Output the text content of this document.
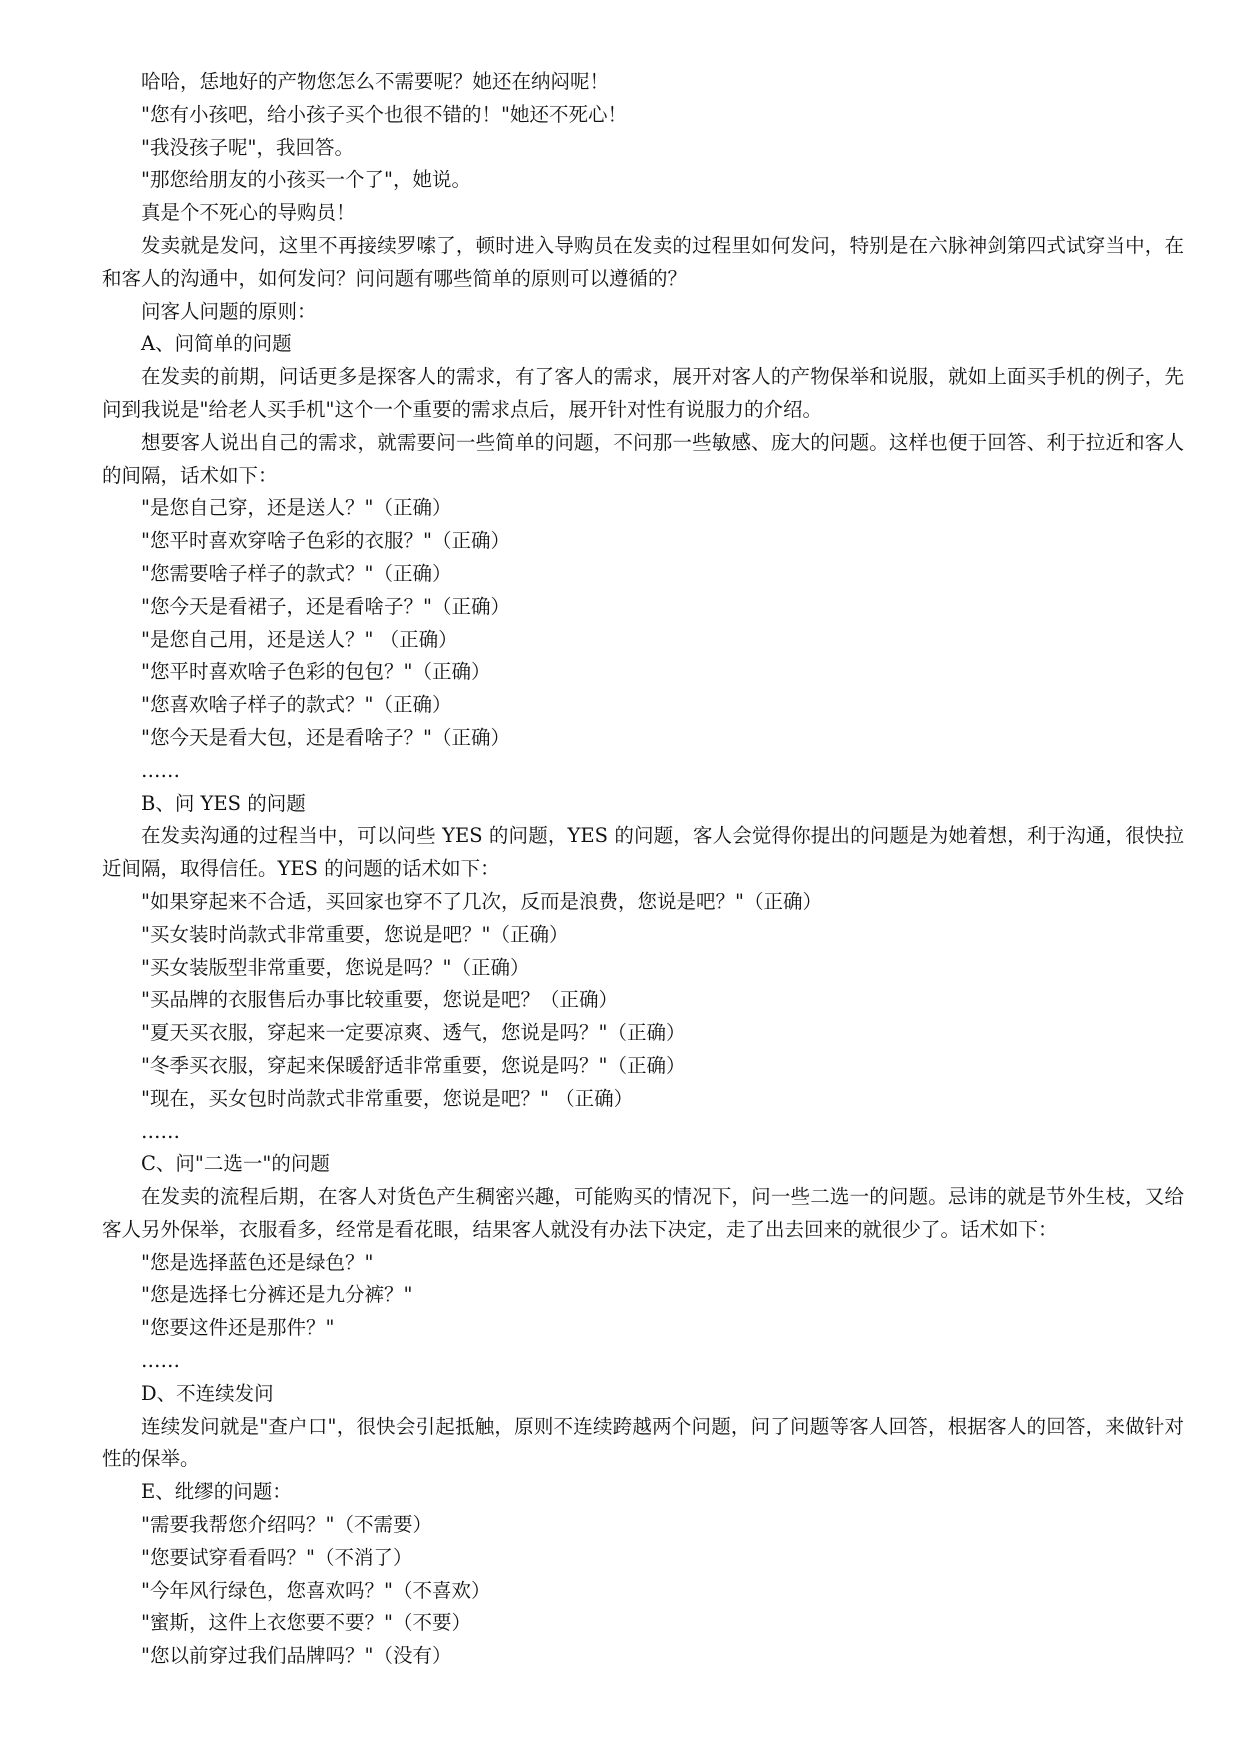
哈哈，恁地好的产物您怎么不需要呢？她还在纳闷呢！

"您有小孩吧，给小孩子买个也很不错的！"她还不死心！

"我没孩子呢"，我回答。

"那您给朋友的小孩买一个了"，她说。

真是个不死心的导购员！

发卖就是发问，这里不再接续罗嗦了，顿时进入导购员在发卖的过程里如何发问，特别是在六脉神剑第四式试穿当中，在和客人的沟通中，如何发问？问问题有哪些简单的原则可以遵循的？

问客人问题的原则：

A、问简单的问题

在发卖的前期，问话更多是探客人的需求，有了客人的需求，展开对客人的产物保举和说服，就如上面买手机的例子，先问到我说是"给老人买手机"这个一个重要的需求点后，展开针对性有说服力的介绍。

想要客人说出自己的需求，就需要问一些简单的问题，不问那一些敏感、庞大的问题。这样也便于回答、利于拉近和客人的间隔，话术如下：

"是您自己穿，还是送人？"（正确）

"您平时喜欢穿啥子色彩的衣服？"（正确）

"您需要啥子样子的款式？"（正确）

"您今天是看裙子，还是看啥子？"（正确）

"是您自己用，还是送人？" （正确）

"您平时喜欢啥子色彩的包包？"（正确）

"您喜欢啥子样子的款式？"（正确）

"您今天是看大包，还是看啥子？"（正确）

……

B、问 YES 的问题

在发卖沟通的过程当中，可以问些 YES 的问题，YES 的问题，客人会觉得你提出的问题是为她着想，利于沟通，很快拉近间隔，取得信任。YES 的问题的话术如下：

"如果穿起来不合适，买回家也穿不了几次，反而是浪费，您说是吧？"（正确）

"买女装时尚款式非常重要，您说是吧？"（正确）

"买女装版型非常重要，您说是吗？"（正确）

"买品牌的衣服售后办事比较重要，您说是吧？（正确）

"夏天买衣服，穿起来一定要凉爽、透气，您说是吗？"（正确）

"冬季买衣服，穿起来保暖舒适非常重要，您说是吗？"（正确）

"现在，买女包时尚款式非常重要，您说是吧？" （正确）

……

C、问"二选一"的问题

在发卖的流程后期，在客人对货色产生稠密兴趣，可能购买的情况下，问一些二选一的问题。忌讳的就是节外生枝，又给客人另外保举，衣服看多，经常是看花眼，结果客人就没有办法下决定，走了出去回来的就很少了。话术如下：

"您是选择蓝色还是绿色？"

"您是选择七分裤还是九分裤？"

"您要这件还是那件？"

……

D、不连续发问

连续发问就是"查户口"，很快会引起抵触，原则不连续跨越两个问题，问了问题等客人回答，根据客人的回答，来做针对性的保举。

E、纰缪的问题：

"需要我帮您介绍吗？"（不需要）

"您要试穿看看吗？"（不消了）

"今年风行绿色，您喜欢吗？"（不喜欢）

"蜜斯，这件上衣您要不要？"（不要）

"您以前穿过我们品牌吗？"（没有）
